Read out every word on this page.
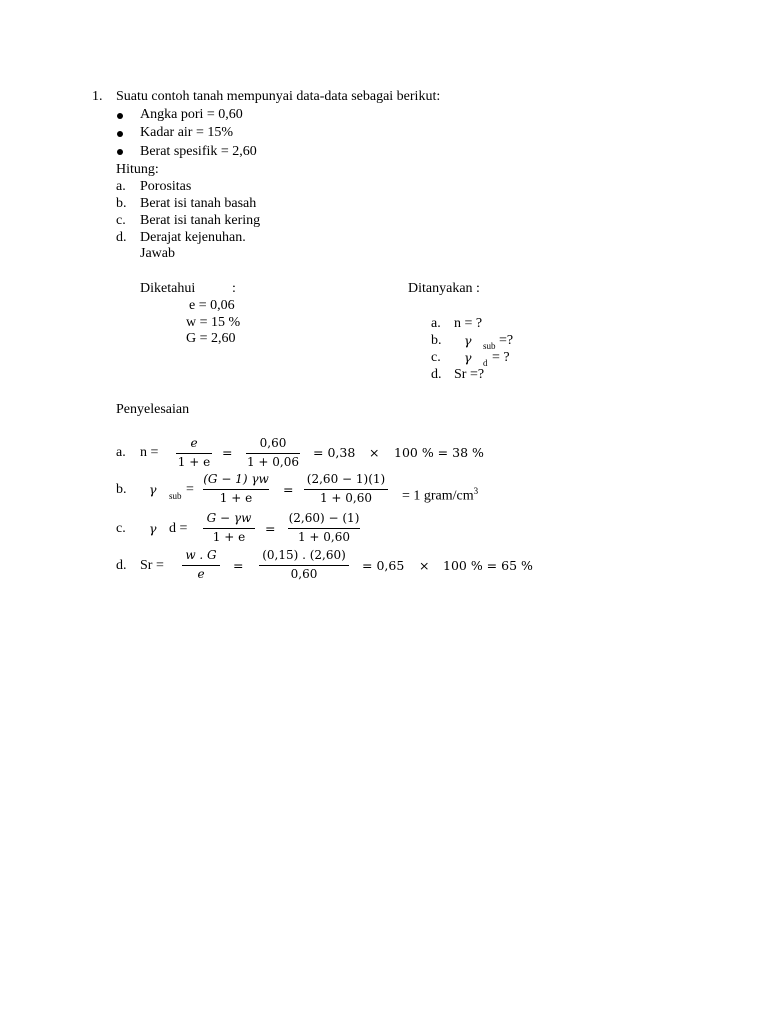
1. Suatu contoh tanah mempunyai data-data sebagai berikut:
Angka pori = 0,60
Kadar air = 15%
Berat spesifik = 2,60
Hitung:
a. Porositas
b. Berat isi tanah basah
c. Berat isi tanah kering
d. Derajat kejenuhan.
Jawab
Diketahui	:
e = 0,06
w = 15 %
G = 2,60
Ditanyakan :
a. n = ?
b. γ sub =?
c. γ d = ?
d. Sr =?
Penyelesaian
a. n =
e
1 + e
=
0,60
1 + 0,06
= 0,38 × 100 % = 38 %
b. γ sub =
(G − 1) γw
1 + e
=
(2,60 − 1)(1)
1 + 0,60 = 1 gram/$cm^3$
c. γ d =
G − γw
1 + e
=
(2,60) − (1)
1 + 0,60
d. Sr =
w . G
e
=
(0,15) . (2,60)
0,60
= 0,65 × 100 % = 65 %
